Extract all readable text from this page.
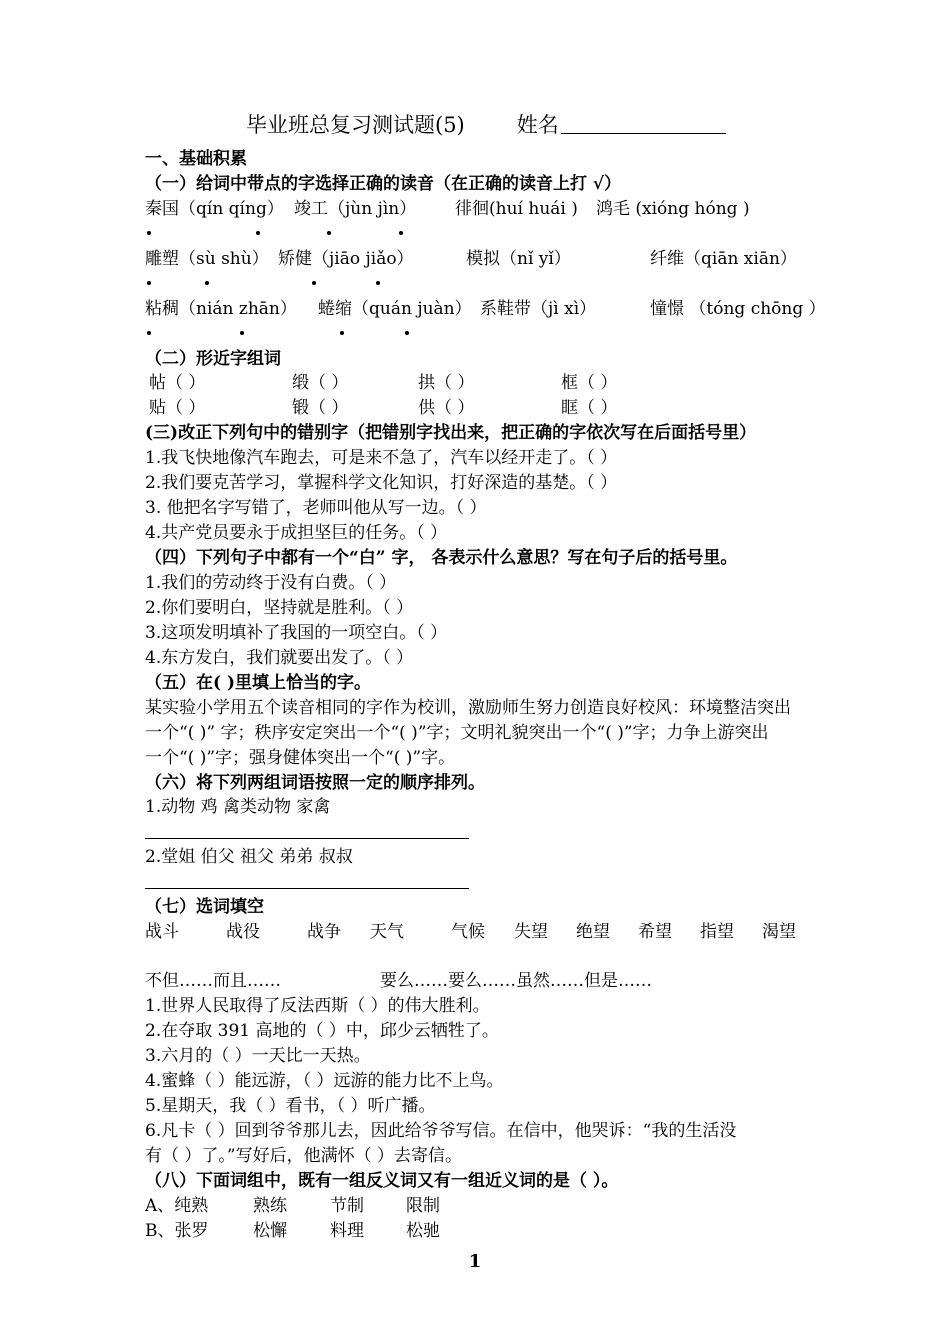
毕业班总复习测试题(5) 姓名
一、基础积累
（一）给词中带点的字选择正确的读音（在正确的读音上打 √）
秦国（qín qíng） 竣工（jùn jìn） 徘徊(huí huái ) 鸿毛 (xióng hóng )
雕塑（sù shù） 矫健（jiāo jiǎo）	模拟（nǐ yǐ）	纤维（qiān xiān）
粘稠（nián zhān） 蜷缩（quán juàn） 系鞋带（jì xì）	憧憬 （tóng chōng ）
（二）形近字组词
帖（ ）	缎（ ）	拱（ ）	框（ ）
贴（ ）	锻（ ）	供（ ）	眶（ ）
(三)改正下列句中的错别字（把错别字找出来，把正确的字依次写在后面括号里）
1.我飞快地像汽车跑去，可是来不急了，汽车以经开走了。（ ）
2.我们要克苦学习，掌握科学文化知识，打好深造的基楚。（ ）
3. 他把名字写错了，老师叫他从写一边。（ ）
4.共产党员要永于成担坚巨的任务。（ ）
（四）下列句子中都有一个“白” 字， 各表示什么意思？写在句子后的括号里。
1.我们的劳动终于没有白费。（ ）
2.你们要明白，坚持就是胜利。（ ）
3.这项发明填补了我国的一项空白。（ ）
4.东方发白，我们就要出发了。（ ）
（五）在( )里填上恰当的字。
某实验小学用五个读音相同的字作为校训，激励师生努力创造良好校风：环境整洁突出
一个“( )” 字；秩序安定突出一个“( )”字；文明礼貌突出一个“( )”字；力争上游突出
一个“( )”字；强身健体突出一个“( )”字。
（六）将下列两组词语按照一定的顺序排列。
1.动物 鸡 禽类动物 家禽
2.堂姐 伯父 祖父 弟弟 叔叔
（七）选词填空
战斗	战役	战争 天气	气候 失望 绝望 希望 指望 渴望
不但……而且……	要么……要么……虽然……但是……
1.世界人民取得了反法西斯（ ）的伟大胜利。
2.在夺取 391 高地的（ ）中，邱少云牺牲了。
3.六月的（ ）一天比一天热。
4.蜜蜂（ ）能远游，（ ）远游的能力比不上鸟。
5.星期天，我（ ）看书，（ ）听广播。
6.凡卡（ ）回到爷爷那儿去，因此给爷爷写信。在信中，他哭诉：“我的生活没
有（ ）了。”写好后，他满怀（ ）去寄信。
（八）下面词组中，既有一组反义词又有一组近义词的是（ ）。
A、纯熟	熟练	节制 限制
B、张罗	松懈	料理 松驰
1
